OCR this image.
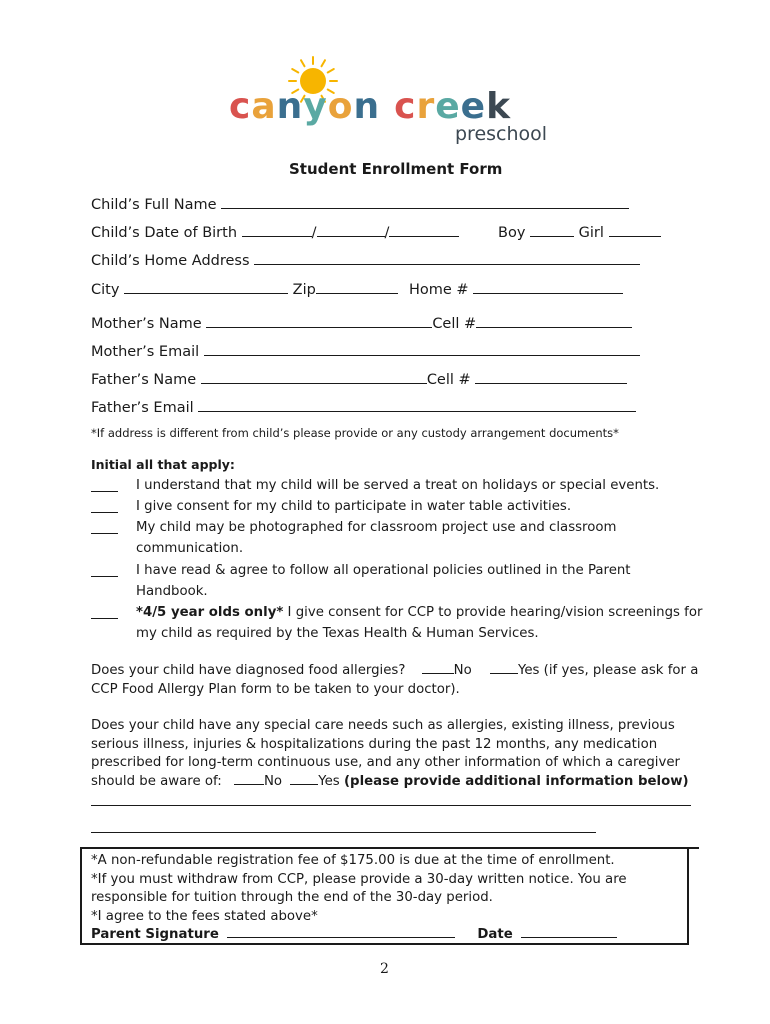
canyon creek
preschool
Student Enrollment Form
Child’s Full Name
Child’s Date of Birth	/	/	Boy	Girl
Child’s Home Address
City	Zip	Home #
Mother’s Name	Cell #
Mother’s Email
Father’s Name	Cell #
Father’s Email
*If address is different from child’s please provide or any custody arrangement documents*
Initial all that apply:
I understand that my child will be served a treat on holidays or special events.
I give consent for my child to participate in water table activities.
My child may be photographed for classroom project use and classroom
communication.
I have read & agree to follow all operational policies outlined in the Parent
Handbook.
*4/5 year olds only* I give consent for CCP to provide hearing/vision screenings for
my child as required by the Texas Health & Human Services.
Does your child have diagnosed food allergies?	No	Yes (if yes, please ask for a
CCP Food Allergy Plan form to be taken to your doctor).
Does your child have any special care needs such as allergies, existing illness, previous
serious illness, injuries & hospitalizations during the past 12 months, any medication
prescribed for long-term continuous use, and any other information of which a caregiver
should be aware of:	No	Yes (please provide additional information below)
*A non-refundable registration fee of $175.00 is due at the time of enrollment.
*If you must withdraw from CCP, please provide a 30-day written notice. You are
responsible for tuition through the end of the 30-day period.
*I agree to the fees stated above*
Parent Signature	Date
2
